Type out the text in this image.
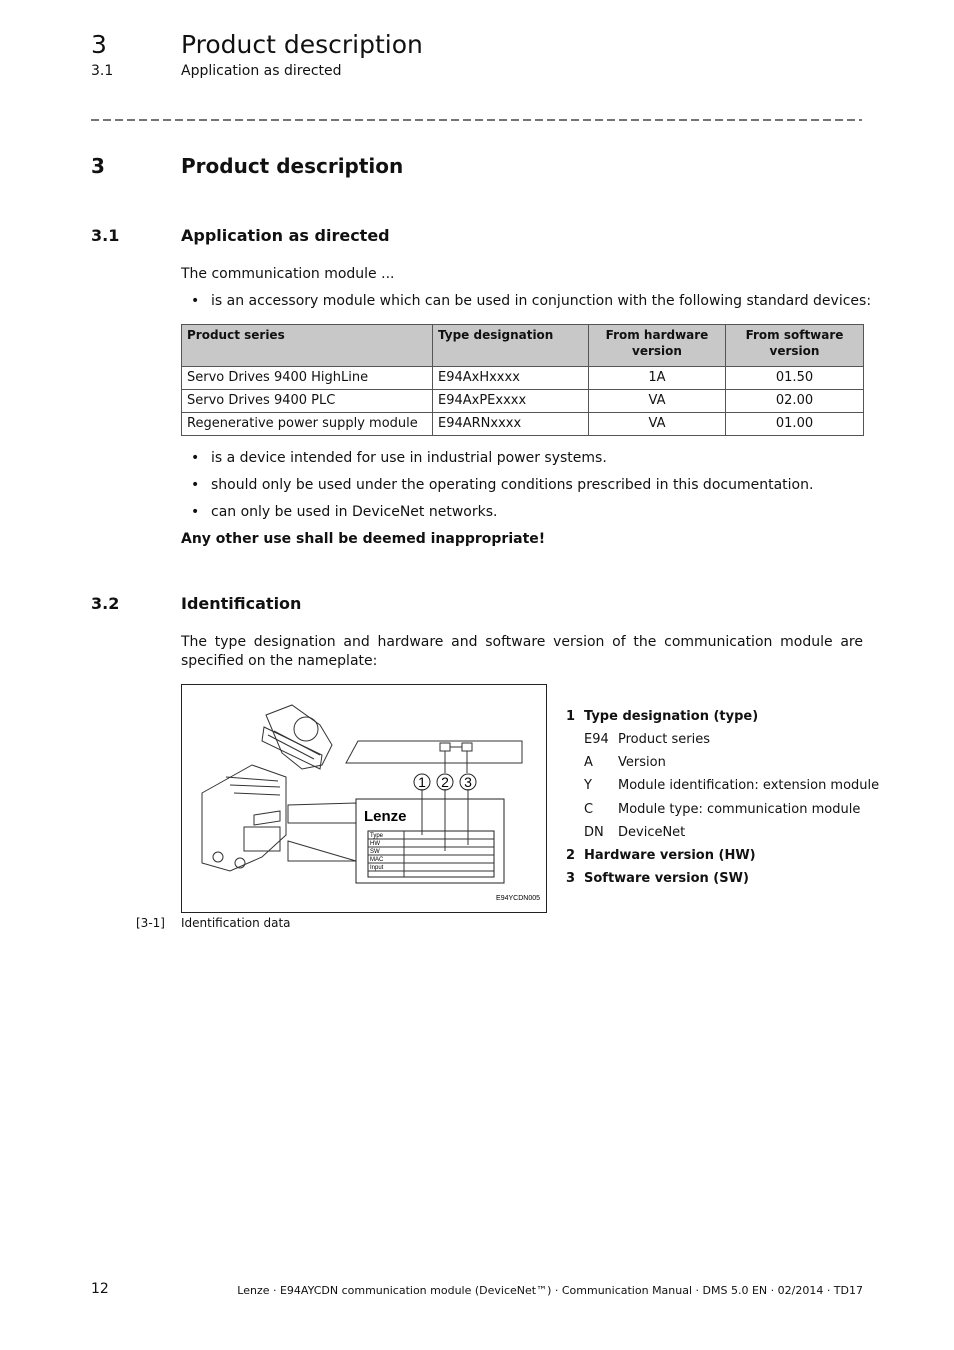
3	Product description
3.1	Application as directed
3	Product description
3.1	Application as directed
The communication module ...
• is an accessory module which can be used in conjunction with the following standard devices:
Product series	Type designation	From hardware version	From software version
Servo Drives 9400 HighLine	E94AxHxxxx	1A	01.50
Servo Drives 9400 PLC	E94AxPExxxx	VA	02.00
Regenerative power supply module	E94ARNxxxx	VA	01.00
• is a device intended for use in industrial power systems.
• should only be used under the operating conditions prescribed in this documentation.
• can only be used in DeviceNet networks.
Any other use shall be deemed inappropriate!
3.2	Identification
The type designation and hardware and software version of the communication module are specified on the nameplate:
1 2 3
Lenze
Type
HW
SW
MAC
Input
E94YCDN005
1 Type designation (type)
E94 Product series
A Version
Y Module identification: extension module
C Module type: communication module
DN DeviceNet
2 Hardware version (HW)
3 Software version (SW)
[3-1] Identification data
12	Lenze · E94AYCDN communication module (DeviceNet™) · Communication Manual · DMS 5.0 EN · 02/2014 · TD17
